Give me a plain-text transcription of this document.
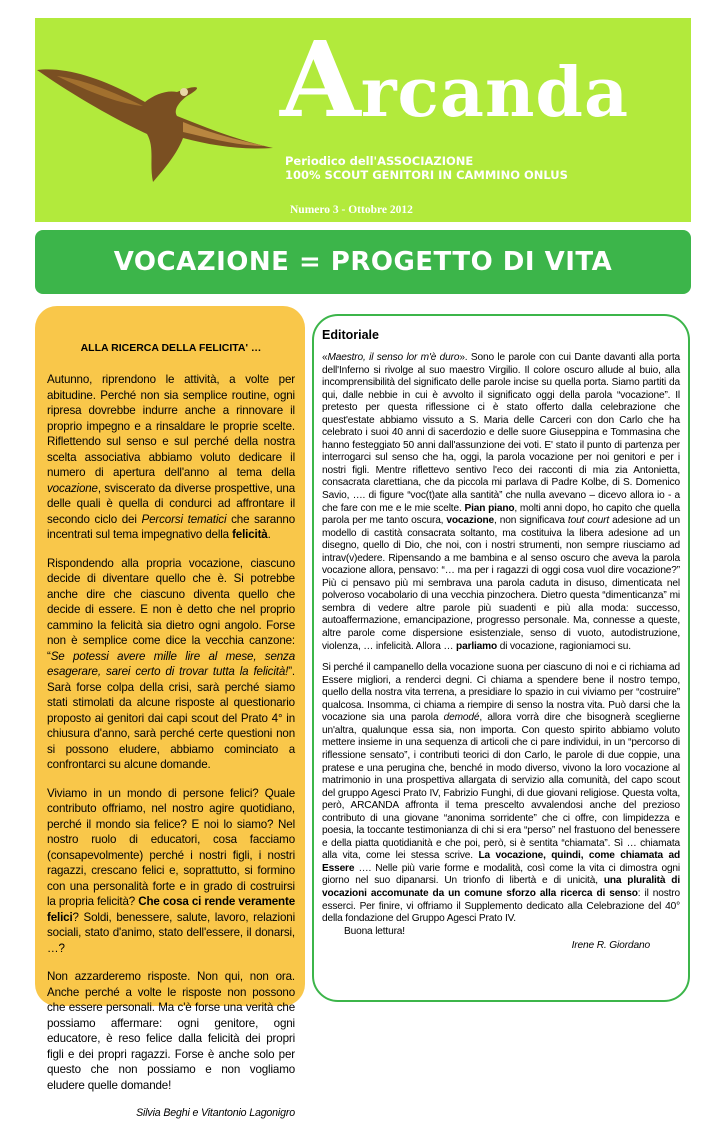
Arcanda
Periodico dell'ASSOCIAZIONE
100% SCOUT GENITORI IN CAMMINO ONLUS
Numero 3 - Ottobre 2012
VOCAZIONE = PROGETTO DI VITA
ALLA RICERCA DELLA FELICITA' …

Autunno, riprendono le attività, a volte per abitudine. Perché non sia semplice routine, ogni ripresa dovrebbe indurre anche a rinnovare il proprio impegno e a rinsaldare le proprie scelte. Riflettendo sul senso e sul perché della nostra scelta associativa abbiamo voluto dedicare il numero di apertura dell'anno al tema della vocazione, sviscerato da diverse prospettive, una delle quali è quella di condurci ad affrontare il secondo ciclo dei Percorsi tematici che saranno incentrati sul tema impegnativo della felicità.

Rispondendo alla propria vocazione, ciascuno decide di diventare quello che è. Si potrebbe anche dire che ciascuno diventa quello che decide di essere. E non è detto che nel proprio cammino la felicità sia dietro ogni angolo. Forse non è semplice come dice la vecchia canzone: “Se potessi avere mille lire al mese, senza esagerare, sarei certo di trovar tutta la felicità!”. Sarà forse colpa della crisi, sarà perché siamo stati stimolati da alcune risposte al questionario proposto ai genitori dai capi scout del Prato 4° in chiusura d'anno, sarà perché certe questioni non si possono eludere, abbiamo cominciato a confrontarci su alcune domande.

Viviamo in un mondo di persone felici? Quale contributo offriamo, nel nostro agire quotidiano, perché il mondo sia felice? E noi lo siamo? Nel nostro ruolo di educatori, cosa facciamo (consapevolmente) perché i nostri figli, i nostri ragazzi, crescano felici e, soprattutto, si formino con una personalità forte e in grado di costruirsi la propria felicità? Che cosa ci rende veramente felici? Soldi, benessere, salute, lavoro, relazioni sociali, stato d'animo, stato dell'essere, il donarsi, …?

Non azzarderemo risposte. Non qui, non ora. Anche perché a volte le risposte non possono che essere personali. Ma c'è forse una verità che possiamo affermare: ogni genitore, ogni educatore, è reso felice dalla felicità dei propri figli e dei propri ragazzi. Forse è anche solo per questo che non possiamo e non vogliamo eludere quelle domande!

Silvia Beghi e Vitantonio Lagonigro

Editoriale

«Maestro, il senso lor m'è duro». Sono le parole con cui Dante davanti alla porta dell'Inferno si rivolge al suo maestro Virgilio. Il colore oscuro allude al buio, alla incomprensibilità del significato delle parole incise su quella porta. Siamo partiti da qui, dalle nebbie in cui è avvolto il significato oggi della parola “vocazione”. Il pretesto per questa riflessione ci è stato offerto dalla celebrazione che quest'estate abbiamo vissuto a S. Maria delle Carceri con don Carlo che ha celebrato i suoi 40 anni di sacerdozio e delle suore Giuseppina e Tommasina che hanno festeggiato 50 anni dall'assunzione dei voti. E' stato il punto di partenza per interrogarci sul senso che ha, oggi, la parola vocazione per noi genitori e per i nostri figli. Mentre riflettevo sentivo l'eco dei racconti di mia zia Antonietta, consacrata clarettiana, che da piccola mi parlava di Padre Kolbe, di S. Domenico Savio, …. di figure “voc(t)ate alla santità” che nulla avevano – dicevo allora io - a che fare con me e le mie scelte. Pian piano, molti anni dopo, ho capito che quella parola per me tanto oscura, vocazione, non significava tout court adesione ad un modello di castità consacrata soltanto, ma costituiva la libera adesione ad un disegno, quello di Dio, che noi, con i nostri strumenti, non sempre riusciamo ad intrav(v)edere. Ripensando a me bambina e al senso oscuro che aveva la parola vocazione allora, pensavo: “… ma per i ragazzi di oggi cosa vuol dire vocazione?” Più ci pensavo più mi sembrava una parola caduta in disuso, dimenticata nel polveroso vocabolario di una vecchia pinzochera. Dietro questa “dimenticanza” mi sembra di vedere altre parole più suadenti e più alla moda: successo, autoaffermazione, emancipazione, progresso personale. Ma, connesse a queste, altre parole come dispersione esistenziale, senso di vuoto, autodistruzione, violenza, … infelicità. Allora … parliamo di vocazione, ragioniamoci su.

Si perché il campanello della vocazione suona per ciascuno di noi e ci richiama ad Essere migliori, a renderci degni. Ci chiama a spendere bene il nostro tempo, quello della nostra vita terrena, a presidiare lo spazio in cui viviamo per “costruire” qualcosa. Insomma, ci chiama a riempire di senso la nostra vita. Può darsi che la vocazione sia una parola demodé, allora vorrà dire che bisognerà sceglierne un'altra, qualunque essa sia, non importa. Con questo spirito abbiamo voluto mettere insieme in una sequenza di articoli che ci pare individui, in un “percorso di riflessione sensato”, i contributi teorici di don Carlo, le parole di due coppie, una pratese e una perugina che, benché in modo diverso, vivono la loro vocazione al matrimonio in una prospettiva allargata di servizio alla comunità, del capo scout del gruppo Agesci Prato IV, Fabrizio Funghi, di due giovani religiose. Questa volta, però, ARCANDA affronta il tema prescelto avvalendosi anche del prezioso contributo di una giovane “anonima sorridente” che ci offre, con limpidezza e poesia, la toccante testimonianza di chi si era “perso” nel frastuono del benessere e della piatta quotidianità e che poi, però, si è sentita “chiamata”. Sì … chiamata alla vita, come lei stessa scrive. La vocazione, quindi, come chiamata ad Essere …. Nelle più varie forme e modalità, così come la vita ci dimostra ogni giorno nel suo dipanarsi. Un trionfo di libertà e di unicità, una pluralità di vocazioni accomunate da un comune sforzo alla ricerca di senso: il nostro esserci. Per finire, vi offriamo il Supplemento dedicato alla Celebrazione del 40° della fondazione del Gruppo Agesci Prato IV.

Buona lettura!

Irene R. Giordano
